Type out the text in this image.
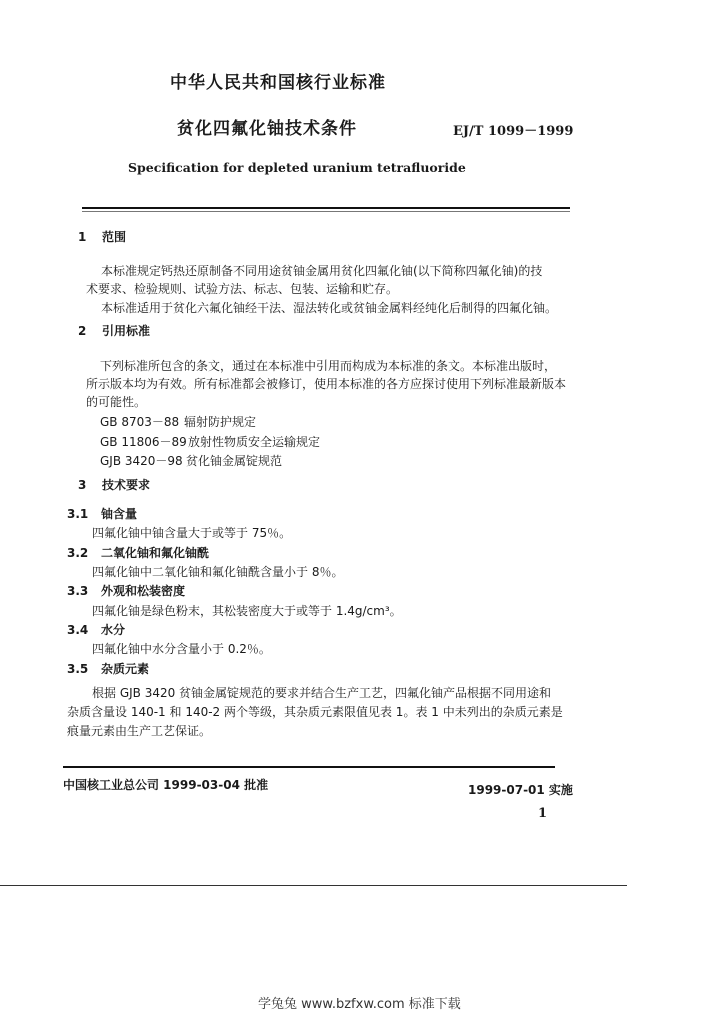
中华人民共和国核行业标准
贫化四氟化铀技术条件	EJ/T 1099－1999
Specification for depleted uranium tetrafluoride
1 范围
本标准规定钙热还原制备不同用途贫铀金属用贫化四氟化铀(以下简称四氟化铀)的技
术要求、检验规则、试验方法、标志、包装、运输和贮存。
本标准适用于贫化六氟化铀经干法、湿法转化或贫铀金属料经纯化后制得的四氟化铀。
2 引用标准
下列标准所包含的条文，通过在本标准中引用而构成为本标准的条文。本标准出版时，
所示版本均为有效。所有标准都会被修订，使用本标准的各方应探讨使用下列标准最新版本
的可能性。
GB 8703－88 辐射防护规定
GB 11806－89放射性物质安全运输规定
GJB 3420－98 贫化铀金属锭规范
3 技术要求
3.1 铀含量
四氟化铀中铀含量大于或等于 75％。
3.2 二氧化铀和氟化铀酰
四氟化铀中二氧化铀和氟化铀酰含量小于 8％。
3.3 外观和松装密度
四氟化铀是绿色粉末，其松装密度大于或等于 1.4g/cm³。
3.4 水分
四氟化铀中水分含量小于 0.2％。
3.5 杂质元素
根据 GJB 3420 贫铀金属锭规范的要求并结合生产工艺，四氟化铀产品根据不同用途和
杂质含量设 140-1 和 140-2 两个等级，其杂质元素限值见表 1。表 1 中未列出的杂质元素是
痕量元素由生产工艺保证。
中国核工业总公司 1999-03-04 批准	1999-07-01 实施
1
学兔兔 www.bzfxw.com 标准下载
